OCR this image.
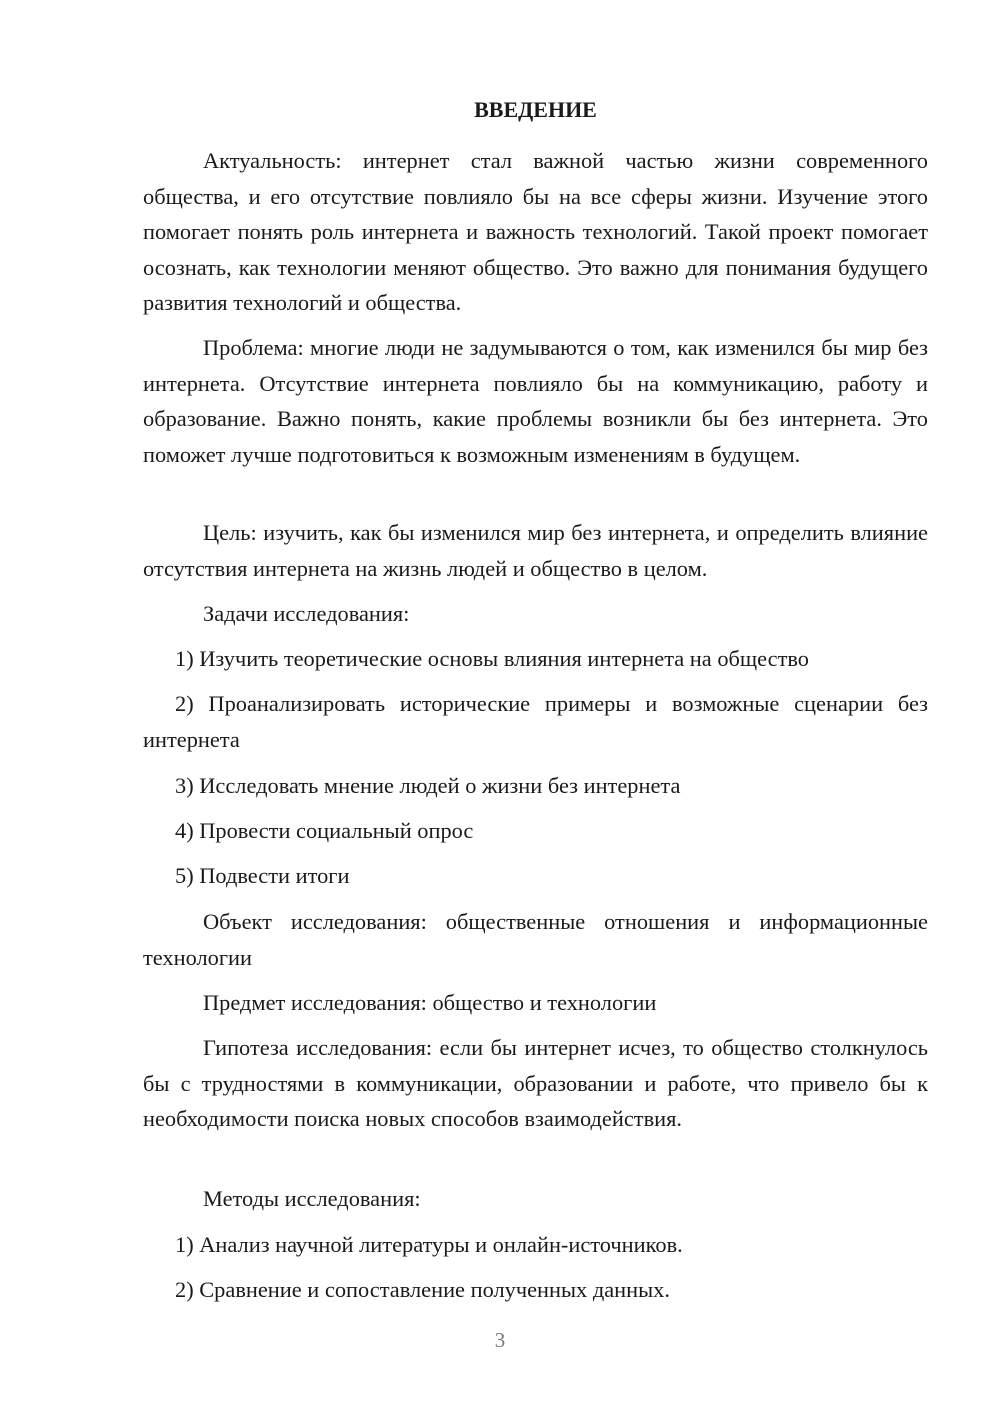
ВВЕДЕНИЕ

Актуальность: интернет стал важной частью жизни современного общества, и его отсутствие повлияло бы на все сферы жизни. Изучение этого помогает понять роль интернета и важность технологий. Такой проект помогает осознать, как технологии меняют общество. Это важно для понимания будущего развития технологий и общества.

Проблема: многие люди не задумываются о том, как изменился бы мир без интернета. Отсутствие интернета повлияло бы на коммуникацию, работу и образование. Важно понять, какие проблемы возникли бы без интернета. Это поможет лучше подготовиться к возможным изменениям в будущем.

Цель: изучить, как бы изменился мир без интернета, и определить влияние отсутствия интернета на жизнь людей и общество в целом.

Задачи исследования:

1) Изучить теоретические основы влияния интернета на общество

2) Проанализировать исторические примеры и возможные сценарии без интернета

3) Исследовать мнение людей о жизни без интернета

4) Провести социальный опрос

5) Подвести итоги

Объект исследования: общественные отношения и информационные технологии

Предмет исследования: общество и технологии

Гипотеза исследования: если бы интернет исчез, то общество столкнулось бы с трудностями в коммуникации, образовании и работе, что привело бы к необходимости поиска новых способов взаимодействия.

Методы исследования:

1) Анализ научной литературы и онлайн-источников.

2) Сравнение и сопоставление полученных данных.

3
